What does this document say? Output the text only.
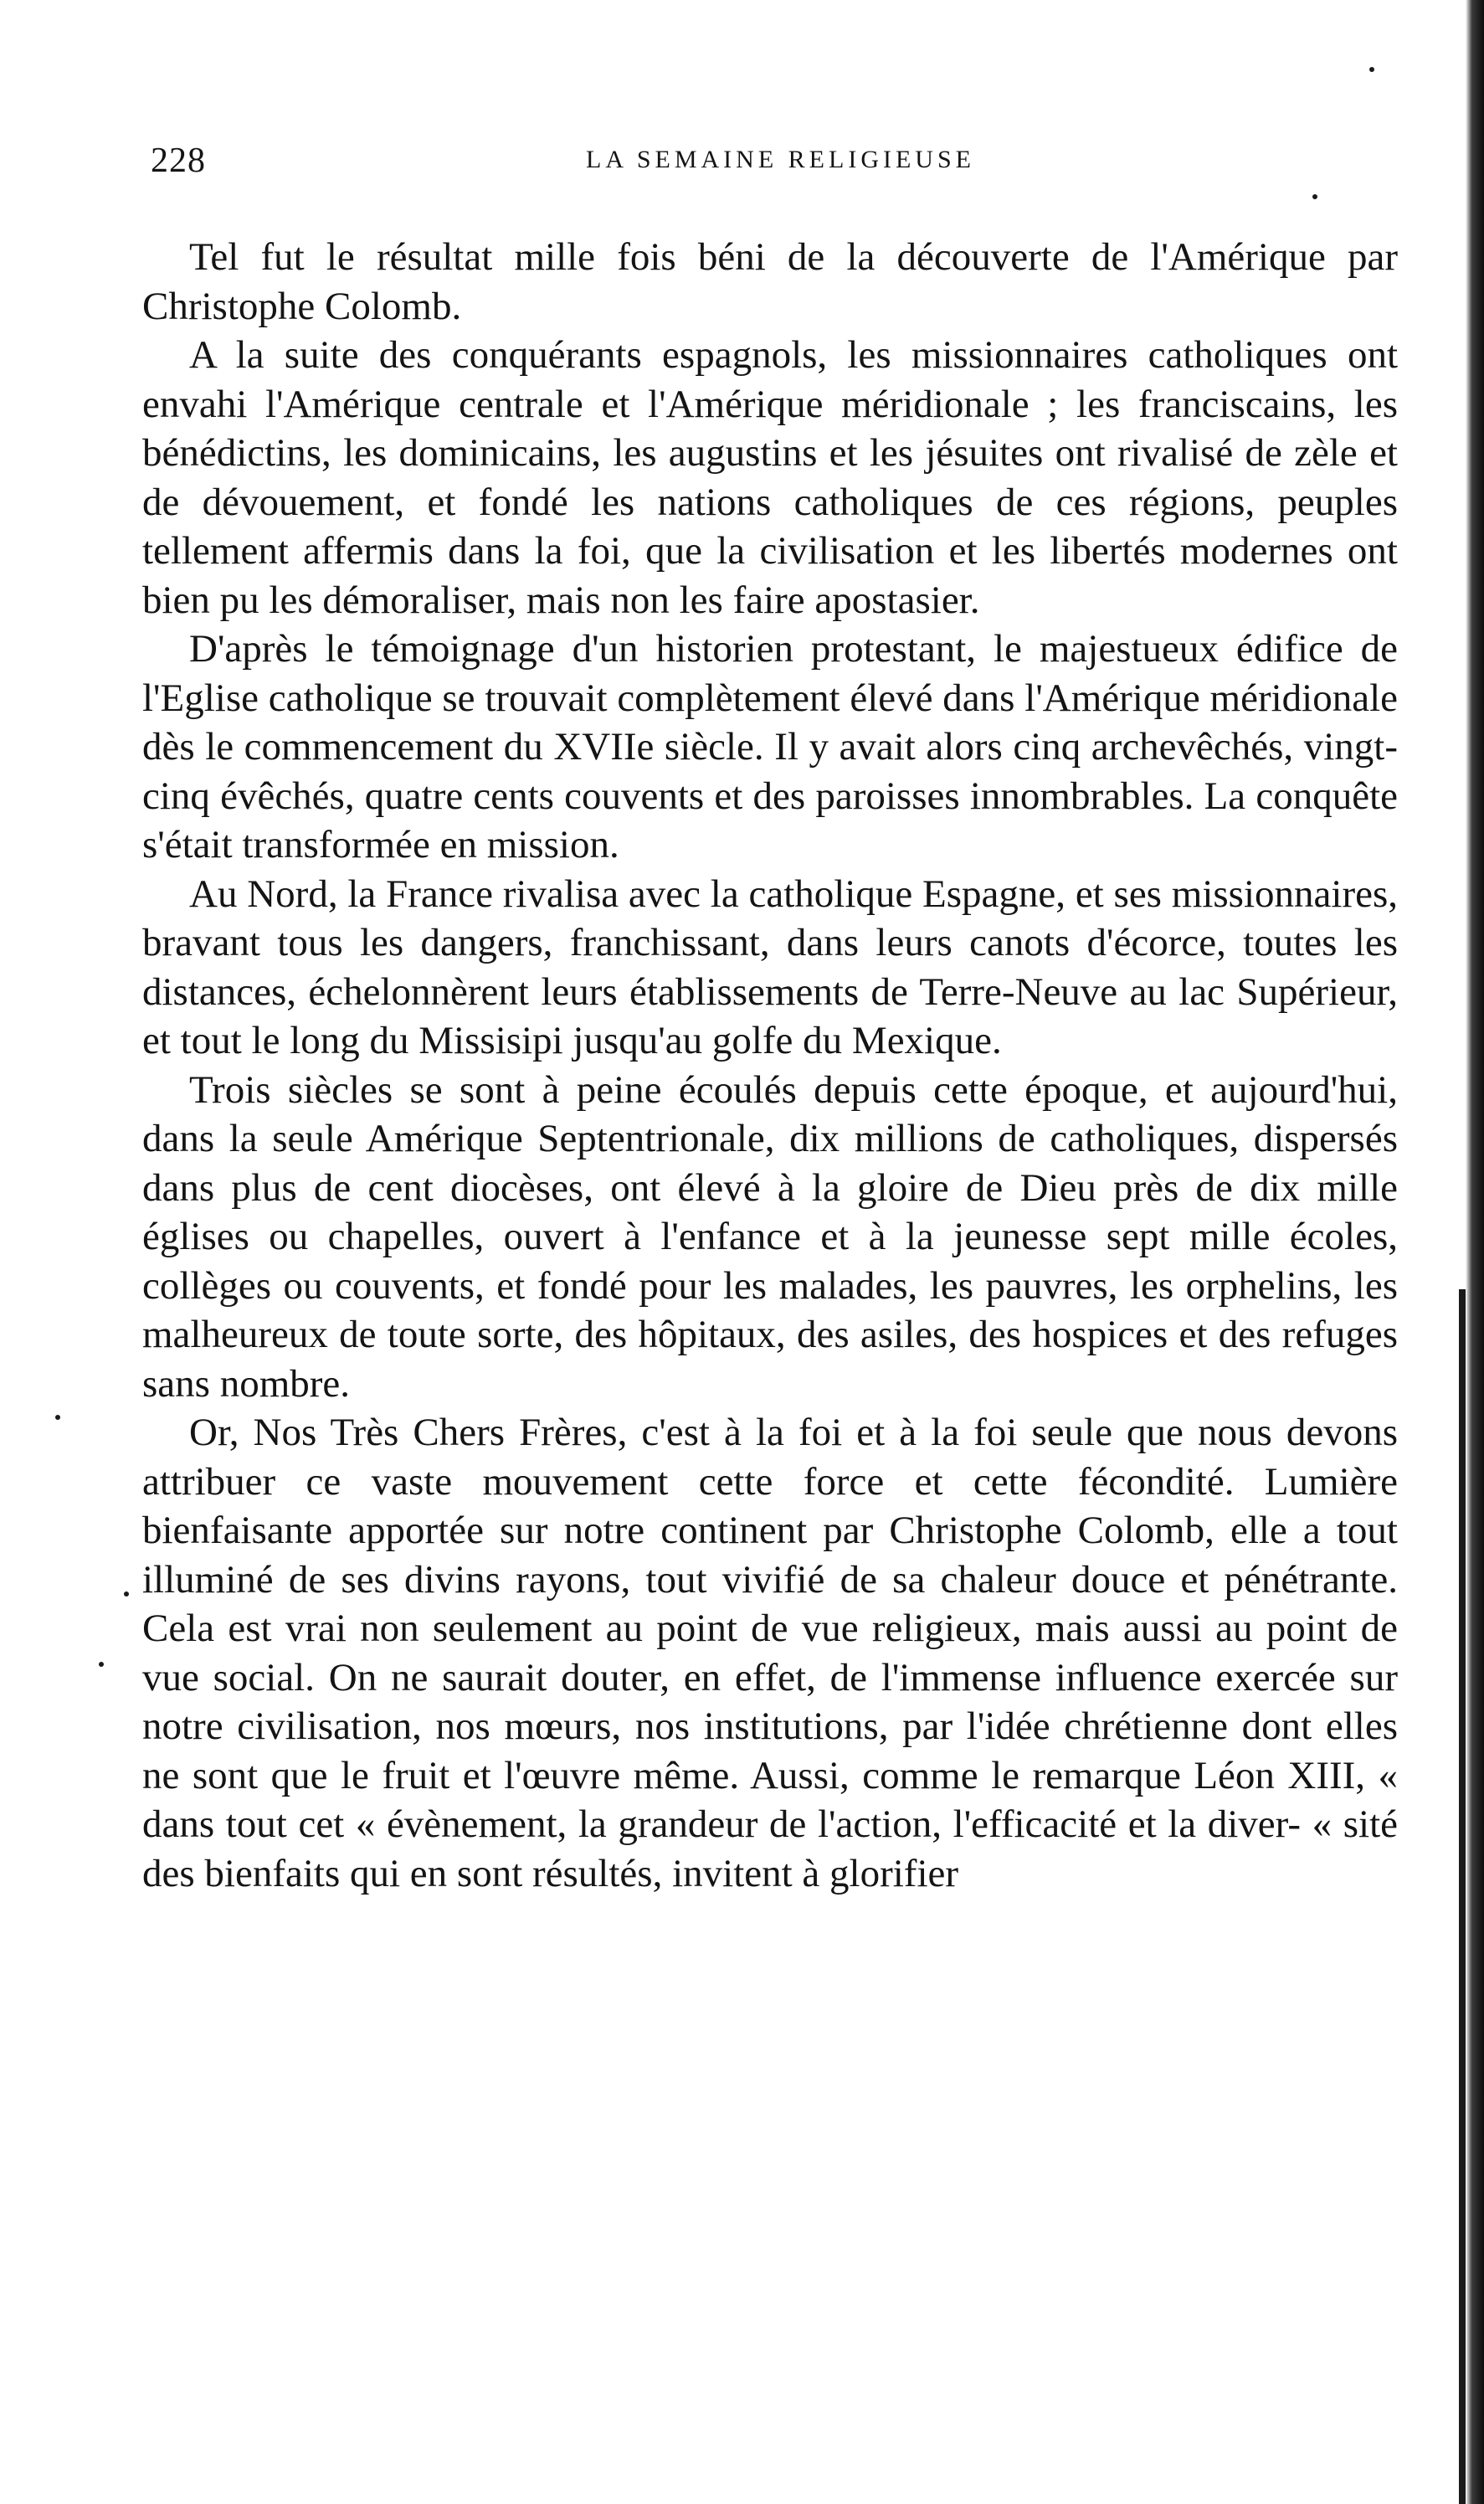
228	LA SEMAINE RELIGIEUSE

Tel fut le résultat mille fois béni de la découverte de l'Amérique par Christophe Colomb.

A la suite des conquérants espagnols, les missionnaires catholiques ont envahi l'Amérique centrale et l'Amérique méridionale ; les franciscains, les bénédictins, les dominicains, les augustins et les jésuites ont rivalisé de zèle et de dévouement, et fondé les nations catholiques de ces régions, peuples tellement affermis dans la foi, que la civilisation et les libertés modernes ont bien pu les démoraliser, mais non les faire apostasier.

D'après le témoignage d'un historien protestant, le majestueux édifice de l'Eglise catholique se trouvait complètement élevé dans l'Amérique méridionale dès le commencement du XVIIe siècle. Il y avait alors cinq archevêchés, vingt-cinq évêchés, quatre cents couvents et des paroisses innombrables. La conquête s'était transformée en mission.

Au Nord, la France rivalisa avec la catholique Espagne, et ses missionnaires, bravant tous les dangers, franchissant, dans leurs canots d'écorce, toutes les distances, échelonnèrent leurs établissements de Terre-Neuve au lac Supérieur, et tout le long du Missisipi jusqu'au golfe du Mexique.

Trois siècles se sont à peine écoulés depuis cette époque, et aujourd'hui, dans la seule Amérique Septentrionale, dix millions de catholiques, dispersés dans plus de cent diocèses, ont élevé à la gloire de Dieu près de dix mille églises ou chapelles, ouvert à l'enfance et à la jeunesse sept mille écoles, collèges ou couvents, et fondé pour les malades, les pauvres, les orphelins, les malheureux de toute sorte, des hôpitaux, des asiles, des hospices et des refuges sans nombre.

Or, Nos Très Chers Frères, c'est à la foi et à la foi seule que nous devons attribuer ce vaste mouvement cette force et cette fécondité. Lumière bienfaisante apportée sur notre continent par Christophe Colomb, elle a tout illuminé de ses divins rayons, tout vivifié de sa chaleur douce et pénétrante. Cela est vrai non seulement au point de vue religieux, mais aussi au point de vue social. On ne saurait douter, en effet, de l'immense influence exercée sur notre civilisation, nos mœurs, nos institutions, par l'idée chrétienne dont elles ne sont que le fruit et l'œuvre même. Aussi, comme le remarque Léon XIII, « dans tout cet « évènement, la grandeur de l'action, l'efficacité et la diver- « sité des bienfaits qui en sont résultés, invitent à glorifier
